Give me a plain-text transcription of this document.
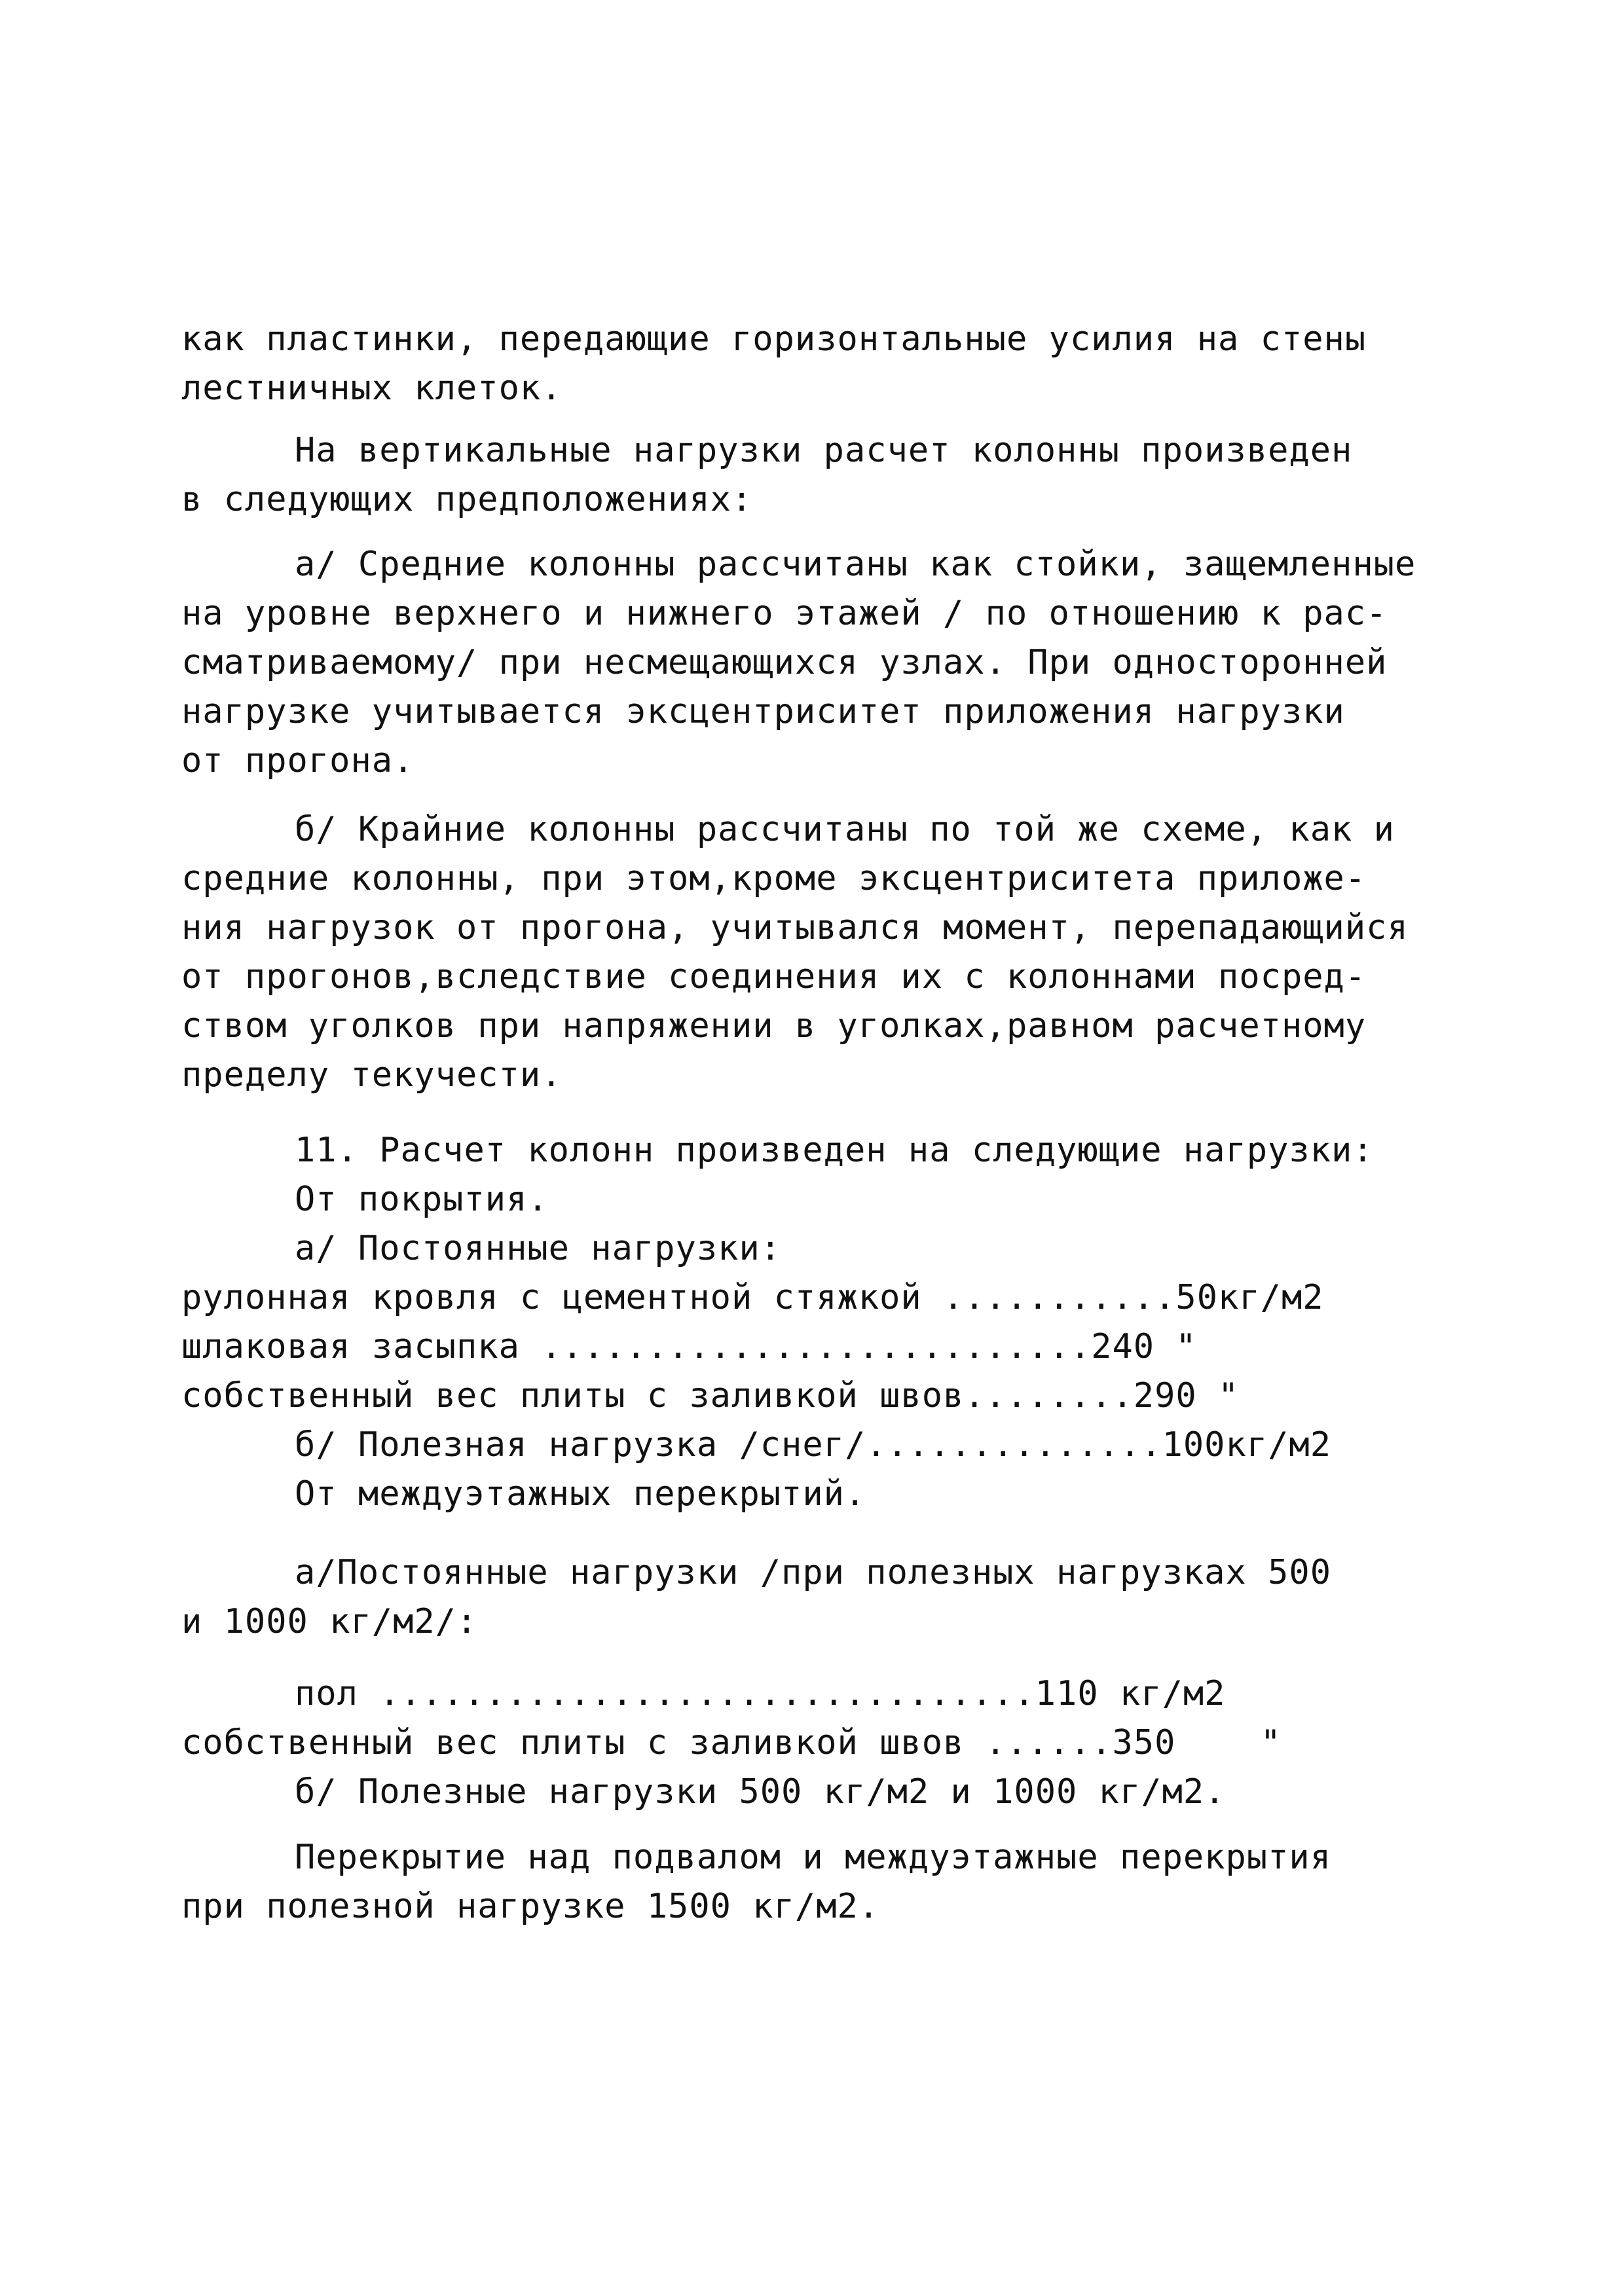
как пластинки, передающие горизонтальные усилия на стены
лестничных клеток.
На вертикальные нагрузки расчет колонны произведен
в следующих предположениях:
а/ Средние колонны рассчитаны как стойки, защемленные
на уровне верхнего и нижнего этажей / по отношению к рас-
сматриваемому/ при несмещающихся узлах. При односторонней
нагрузке учитывается эксцентриситет приложения нагрузки
от прогона.
б/ Крайние колонны рассчитаны по той же схеме, как и
средние колонны, при этом,кроме эксцентриситета приложе-
ния нагрузок от прогона, учитывался момент, перепадающийся
от прогонов,вследствие соединения их с колоннами посред-
ством уголков при напряжении в уголках,равном расчетному
пределу текучести.
11. Расчет колонн произведен на следующие нагрузки:
От покрытия.
а/ Постоянные нагрузки:
рулонная кровля с цементной стяжкой ...........50кг/м2
шлаковая засыпка ..........................240 "
собственный вес плиты с заливкой швов........290 "
б/ Полезная нагрузка /снег/..............100кг/м2
От междуэтажных перекрытий.
а/Постоянные нагрузки /при полезных нагрузках 500
и 1000 кг/м2/:
пол ...............................110 кг/м2
собственный вес плиты с заливкой швов ......350    "
б/ Полезные нагрузки 500 кг/м2 и 1000 кг/м2.
Перекрытие над подвалом и междуэтажные перекрытия
при полезной нагрузке 1500 кг/м2.
